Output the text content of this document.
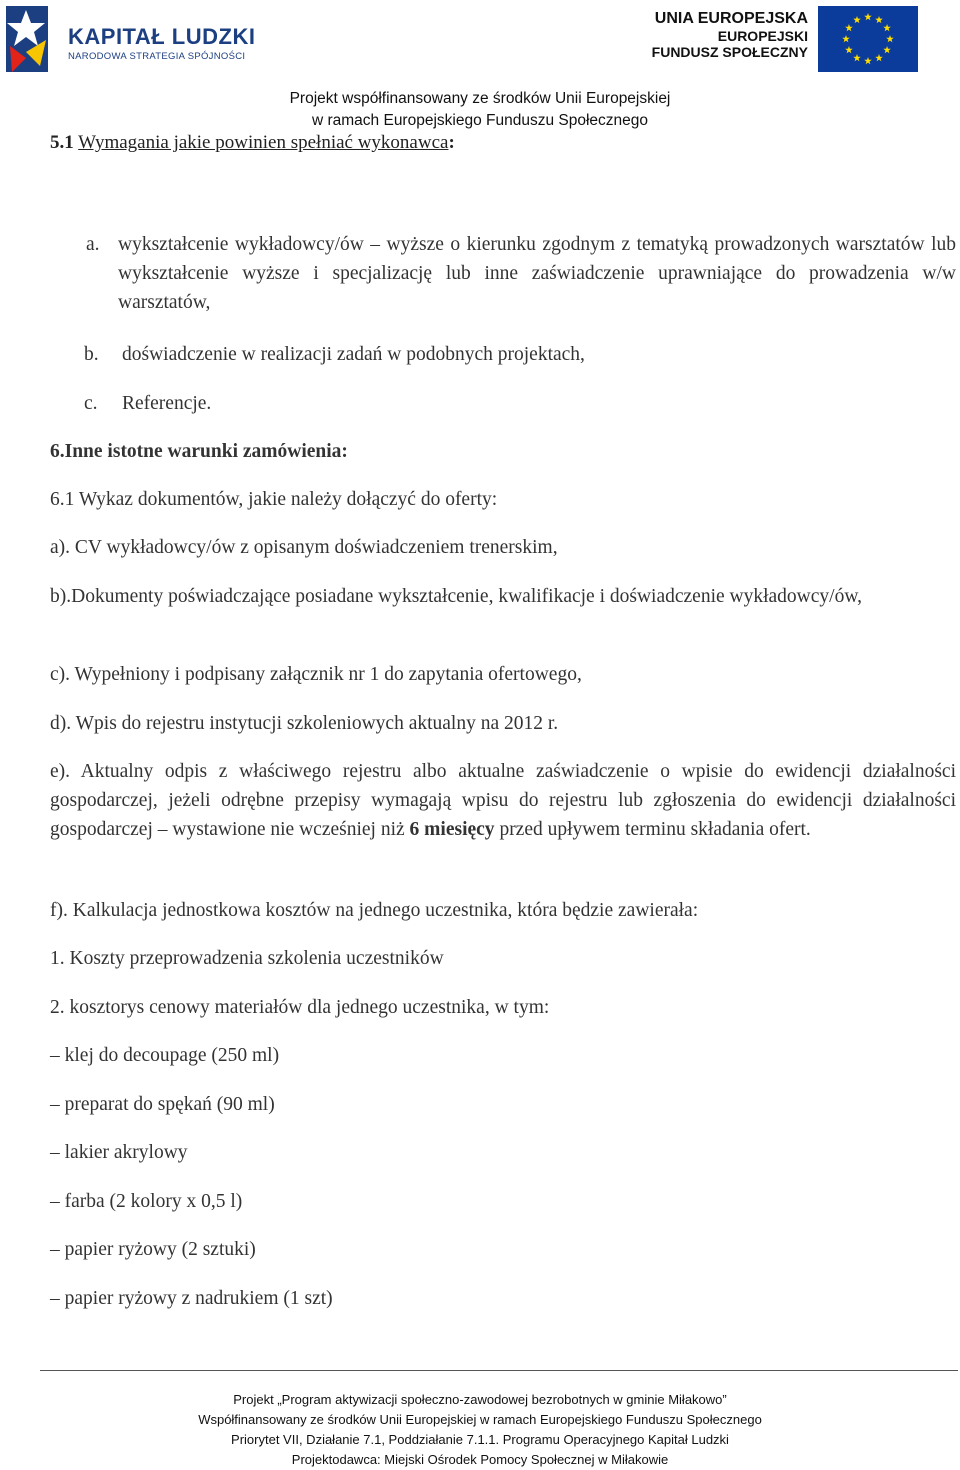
KAPITAŁ LUDZKI
NARODOWA STRATEGIA SPÓJNOŚCI
UNIA EUROPEJSKA
EUROPEJSKI
FUNDUSZ SPOŁECZNY
Projekt współfinansowany ze środków Unii Europejskiej
w ramach Europejskiego Funduszu Społecznego
5.1 Wymagania jakie powinien spełniać wykonawca:
a. wykształcenie wykładowcy/ów – wyższe o kierunku zgodnym z tematyką prowadzonych warsztatów lub wykształcenie wyższe i specjalizację lub inne zaświadczenie uprawniające do prowadzenia w/w warsztatów,
b. doświadczenie w realizacji zadań w podobnych projektach,
c. Referencje.
6.Inne istotne warunki zamówienia:
6.1 Wykaz dokumentów, jakie należy dołączyć do oferty:
a). CV wykładowcy/ów z opisanym doświadczeniem trenerskim,
b).Dokumenty poświadczające posiadane wykształcenie, kwalifikacje i doświadczenie wykładowcy/ów,
c). Wypełniony i podpisany załącznik nr 1 do zapytania ofertowego,
d). Wpis do rejestru instytucji szkoleniowych aktualny na 2012 r.
e). Aktualny odpis z właściwego rejestru albo aktualne zaświadczenie o wpisie do ewidencji działalności gospodarczej, jeżeli odrębne przepisy wymagają wpisu do rejestru lub zgłoszenia do ewidencji działalności gospodarczej – wystawione nie wcześniej niż 6 miesięcy przed upływem terminu składania ofert.
f). Kalkulacja jednostkowa kosztów na jednego uczestnika, która będzie zawierała:
1. Koszty przeprowadzenia szkolenia uczestników
2. kosztorys cenowy materiałów dla jednego uczestnika, w tym:
– klej do decoupage (250 ml)
– preparat do spękań (90 ml)
– lakier akrylowy
– farba (2 kolory x 0,5 l)
– papier ryżowy (2 sztuki)
– papier ryżowy z nadrukiem (1 szt)
Projekt „Program aktywizacji społeczno-zawodowej bezrobotnych w gminie Miłakowo”
Współfinansowany ze środków Unii Europejskiej w ramach Europejskiego Funduszu Społecznego
Priorytet VII, Działanie 7.1, Poddziałanie 7.1.1. Programu Operacyjnego Kapitał Ludzki
Projektodawca: Miejski Ośrodek Pomocy Społecznej w Miłakowie
